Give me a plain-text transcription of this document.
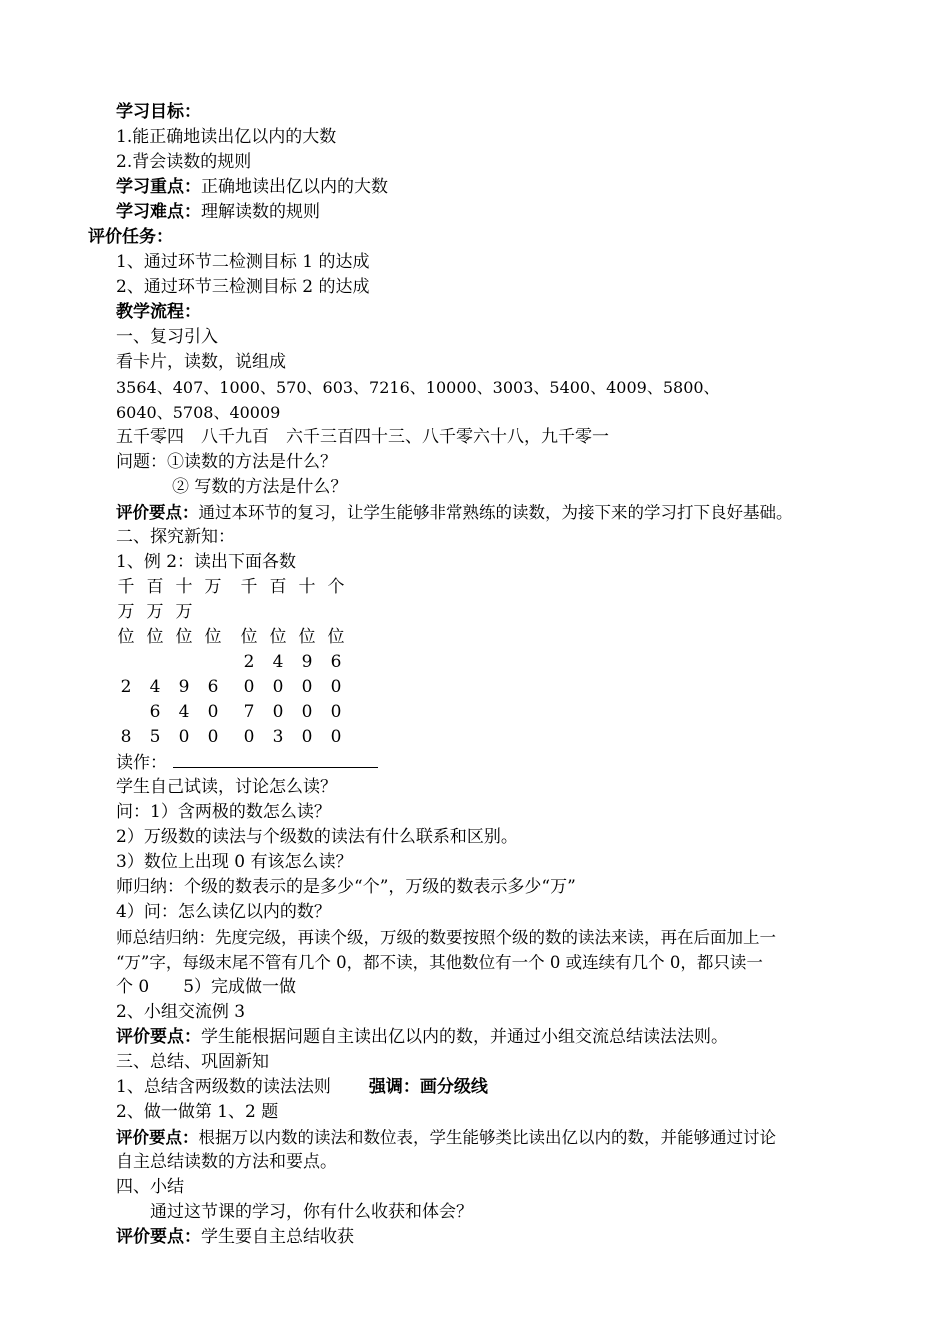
学习目标：
1.能正确地读出亿以内的大数
2.背会读数的规则
学习重点：正确地读出亿以内的大数
学习难点：理解读数的规则
评价任务：
1、通过环节二检测目标 1 的达成
2、通过环节三检测目标 2 的达成
教学流程：
一、复习引入
看卡片，读数，说组成
3564、407、1000、570、603、7216、10000、3003、5400、4009、5800、
6040、5708、40009
五千零四　八千九百　六千三百四十三、八千零六十八，九千零一
问题：①读数的方法是什么？
② 写数的方法是什么？
评价要点：通过本环节的复习，让学生能够非常熟练的读数，为接下来的学习打下良好基础。
二、探究新知：
1、例 2：读出下面各数
千 百 十 万 千 百 十 个
万 万 万
位 位 位 位 位 位 位 位
2 4 9 6
2 4 9 6 0 0 0 0
6 4 0 7 0 0 0
8 5 0 0 0 3 0 0
读作：
学生自己试读，讨论怎么读？
问：1）含两极的数怎么读？
2）万级数的读法与个级数的读法有什么联系和区别。
3）数位上出现 0 有该怎么读？
师归纳：个级的数表示的是多少“个”，万级的数表示多少“万”
4）问：怎么读亿以内的数？
师总结归纳：先度完级，再读个级，万级的数要按照个级的数的读法来读，再在后面加上一
“万”字，每级末尾不管有几个 0，都不读，其他数位有一个 0 或连续有几个 0，都只读一
个 0　　5）完成做一做
2、小组交流例 3
评价要点：学生能根据问题自主读出亿以内的数，并通过小组交流总结读法法则。
三、总结、巩固新知
1、总结含两级数的读法法则 强调：画分级线
2、做一做第 1、2 题
评价要点：根据万以内数的读法和数位表，学生能够类比读出亿以内的数，并能够通过讨论
自主总结读数的方法和要点。
四、小结
通过这节课的学习，你有什么收获和体会？
评价要点：学生要自主总结收获
